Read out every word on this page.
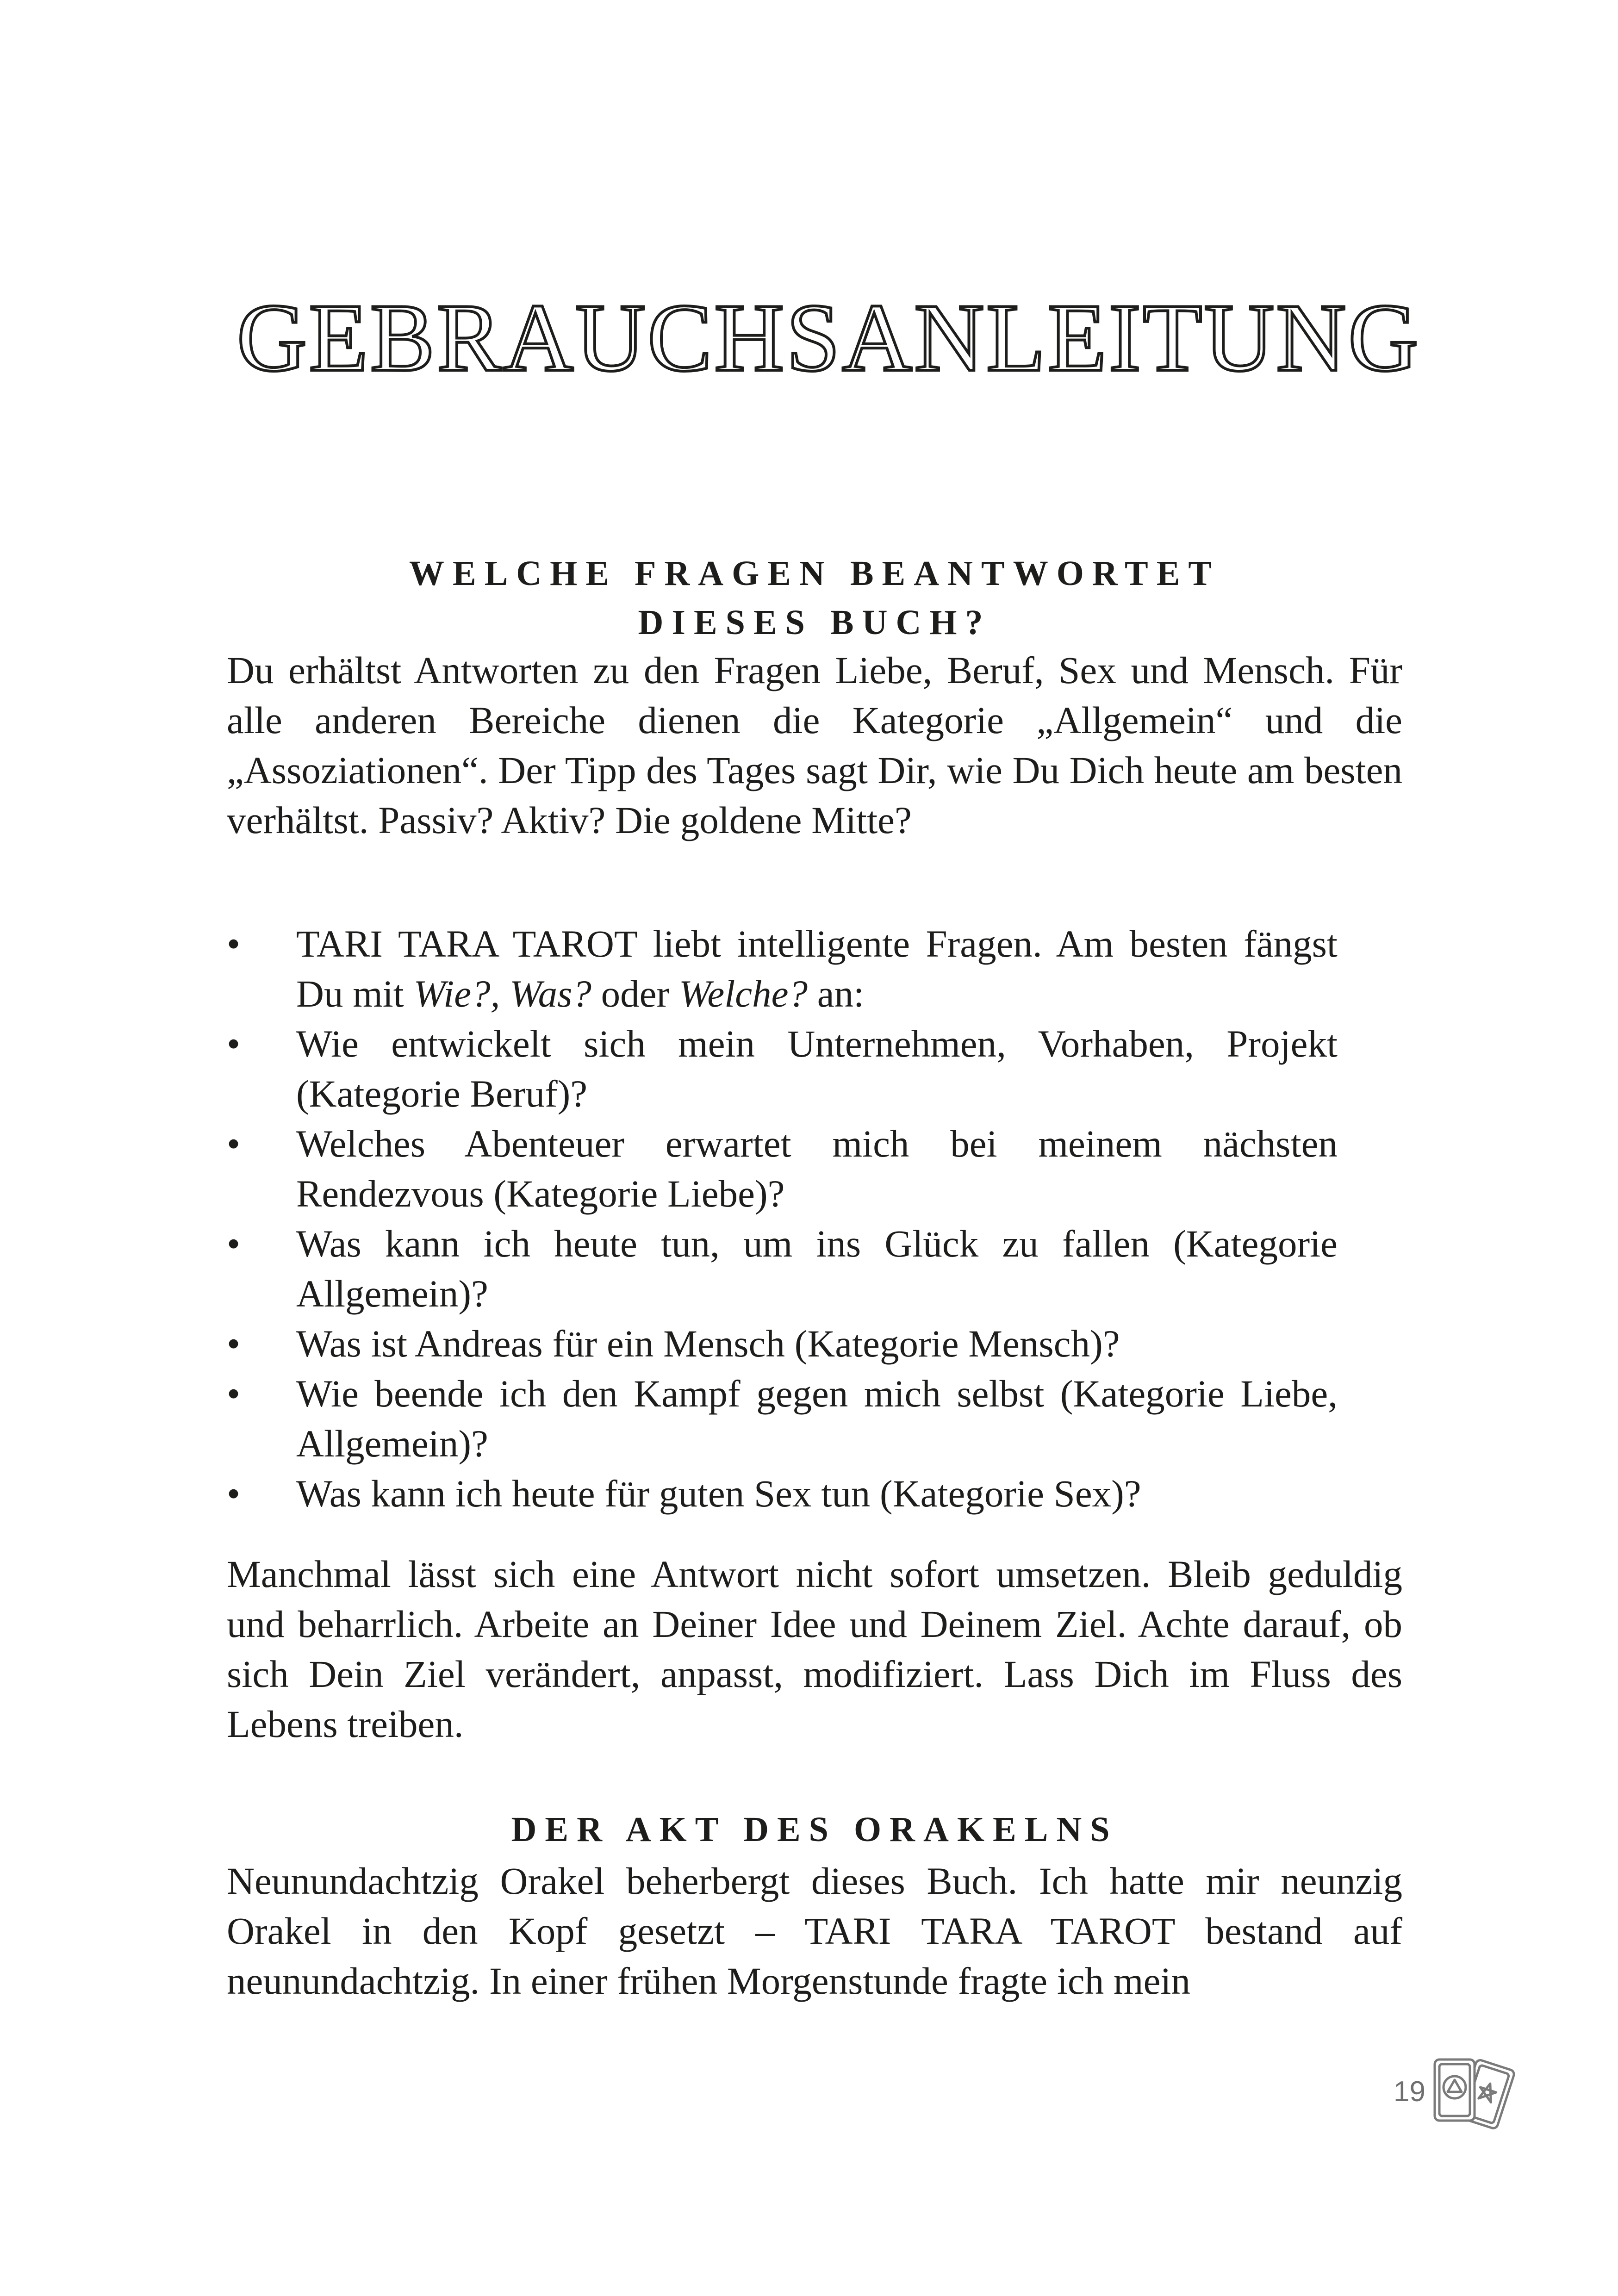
GEBRAUCHSANLEITUNG
WELCHE FRAGEN BEANTWORTET
DIESES BUCH?

Du erhältst Antworten zu den Fragen Liebe, Beruf, Sex und Mensch. Für alle anderen Bereiche dienen die Kategorie „Allgemein“ und die „Assoziationen“. Der Tipp des Tages sagt Dir, wie Du Dich heute am besten verhältst. Passiv? Aktiv? Die goldene Mitte?

•	TARI TARA TAROT liebt intelligente Fragen. Am besten fängst Du mit Wie?, Was? oder Welche? an:
•	Wie entwickelt sich mein Unternehmen, Vorhaben, Projekt (Kategorie Beruf)?
•	Welches Abenteuer erwartet mich bei meinem nächsten Rendezvous (Kategorie Liebe)?
•	Was kann ich heute tun, um ins Glück zu fallen (Kategorie Allgemein)?
•	Was ist Andreas für ein Mensch (Kategorie Mensch)?
•	Wie beende ich den Kampf gegen mich selbst (Kategorie Liebe, Allgemein)?
•	Was kann ich heute für guten Sex tun (Kategorie Sex)?

Manchmal lässt sich eine Antwort nicht sofort umsetzen. Bleib geduldig und beharrlich. Arbeite an Deiner Idee und Deinem Ziel. Achte darauf, ob sich Dein Ziel verändert, anpasst, modifiziert. Lass Dich im Fluss des Lebens treiben.

DER AKT DES ORAKELNS

Neunundachtzig Orakel beherbergt dieses Buch. Ich hatte mir neunzig Orakel in den Kopf gesetzt – TARI TARA TAROT bestand auf neunundachtzig. In einer frühen Morgenstunde fragte ich mein

19
